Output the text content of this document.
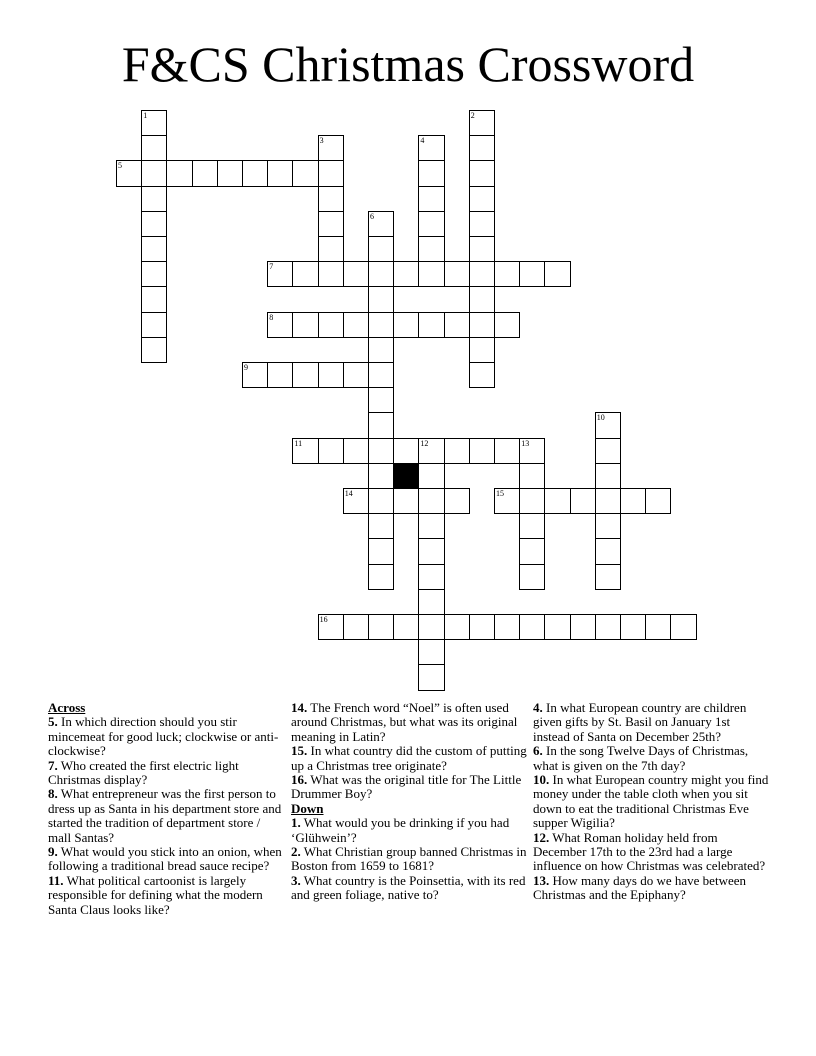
F&CS Christmas Crossword
1	2
3	4
5
6
7
8
9
10
11	12	13
14	15
16

Across

5. In which direction should you stir mincemeat for good luck; clockwise or anti-clockwise?

7. Who created the first electric light Christmas display?

8. What entrepreneur was the first person to dress up as Santa in his department store and started the tradition of department store / mall Santas?

9. What would you stick into an onion, when following a traditional bread sauce recipe?

11. What political cartoonist is largely responsible for defining what the modern Santa Claus looks like?

14. The French word “Noel” is often used around Christmas, but what was its original meaning in Latin?

15. In what country did the custom of putting up a Christmas tree originate?

16. What was the original title for The Little Drummer Boy?

Down

1. What would you be drinking if you had ‘Glühwein’?

2. What Christian group banned Christmas in Boston from 1659 to 1681?

3. What country is the Poinsettia, with its red and green foliage, native to?

4. In what European country are children given gifts by St. Basil on January 1st instead of Santa on December 25th?

6. In the song Twelve Days of Christmas, what is given on the 7th day?

10. In what European country might you find money under the table cloth when you sit down to eat the traditional Christmas Eve supper Wigilia?

12. What Roman holiday held from December 17th to the 23rd had a large influence on how Christmas was celebrated?

13. How many days do we have between Christmas and the Epiphany?
